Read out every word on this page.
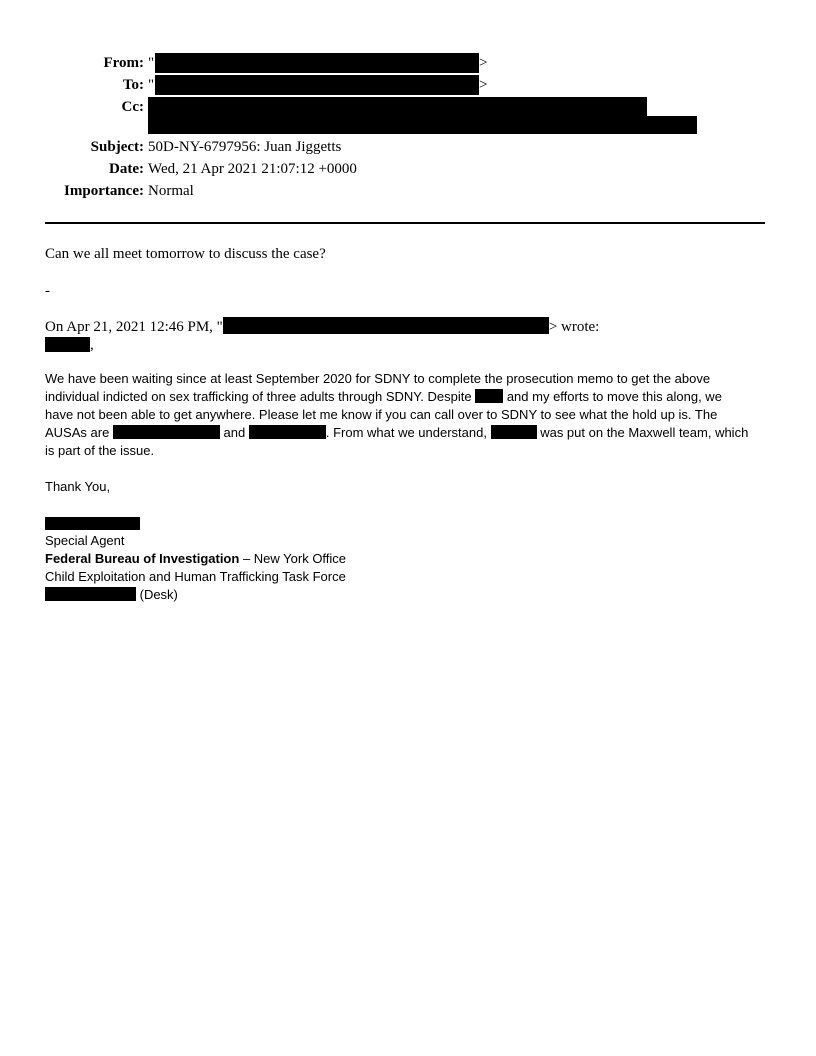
From: "	>
To: "	>
Cc:
Subject: 50D-NY-6797956: Juan Jiggetts
Date: Wed, 21 Apr 2021 21:07:12 +0000
Importance: Normal
Can we all meet tomorrow to discuss the case?
-
On Apr 21, 2021 12:46 PM, "	> wrote:
,
We have been waiting since at least September 2020 for SDNY to complete the prosecution memo to get the above
individual indicted on sex trafficking of three adults through SDNY. Despite  and my efforts to move this along, we
have not been able to get anywhere. Please let me know if you can call over to SDNY to see what the hold up is. The
AUSAs are	and	. From what we understand,	was put on the Maxwell team, which
is part of the issue.
Thank You,
Special Agent
Federal Bureau of Investigation – New York Office
Child Exploitation and Human Trafficking Task Force
(Desk)
